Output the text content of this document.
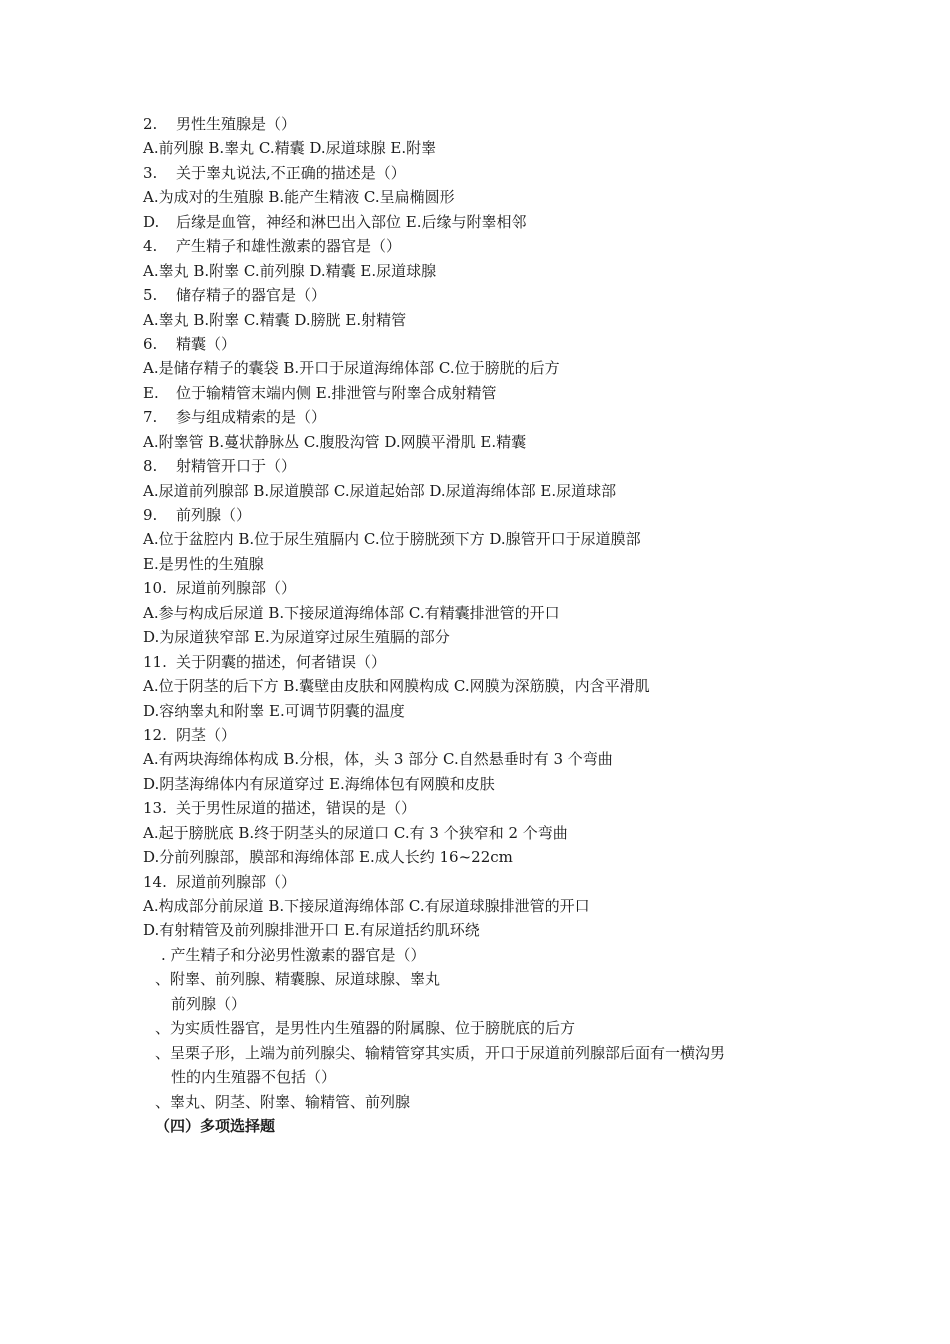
2. 男性生殖腺是（）
A.前列腺 B.睾丸 C.精囊 D.尿道球腺 E.附睾
3. 关于睾丸说法,不正确的描述是（）
A.为成对的生殖腺 B.能产生精液 C.呈扁椭圆形
D. 后缘是血管，神经和淋巴出入部位 E.后缘与附睾相邻
4. 产生精子和雄性激素的器官是（）
A.睾丸 B.附睾 C.前列腺 D.精囊 E.尿道球腺
5. 储存精子的器官是（）
A.睾丸 B.附睾 C.精囊 D.膀胱 E.射精管
6. 精囊（）
A.是储存精子的囊袋 B.开口于尿道海绵体部 C.位于膀胱的后方
E. 位于输精管末端内侧 E.排泄管与附睾合成射精管
7. 参与组成精索的是（）
A.附睾管 B.蔓状静脉丛 C.腹股沟管 D.网膜平滑肌 E.精囊
8. 射精管开口于（）
A.尿道前列腺部 B.尿道膜部 C.尿道起始部 D.尿道海绵体部 E.尿道球部
9. 前列腺（）
A.位于盆腔内 B.位于尿生殖膈内 C.位于膀胱颈下方 D.腺管开口于尿道膜部
E.是男性的生殖腺
10. 尿道前列腺部（）
A.参与构成后尿道 B.下接尿道海绵体部 C.有精囊排泄管的开口
D.为尿道狭窄部 E.为尿道穿过尿生殖膈的部分
11. 关于阴囊的描述，何者错误（）
A.位于阴茎的后下方 B.囊壁由皮肤和网膜构成 C.网膜为深筋膜，内含平滑肌
D.容纳睾丸和附睾 E.可调节阴囊的温度
12. 阴茎（）
A.有两块海绵体构成 B.分根，体，头 3 部分 C.自然悬垂时有 3 个弯曲
D.阴茎海绵体内有尿道穿过 E.海绵体包有网膜和皮肤
13. 关于男性尿道的描述，错误的是（）
A.起于膀胱底 B.终于阴茎头的尿道口 C.有 3 个狭窄和 2 个弯曲
D.分前列腺部，膜部和海绵体部 E.成人长约 16~22cm
14. 尿道前列腺部（）
A.构成部分前尿道 B.下接尿道海绵体部 C.有尿道球腺排泄管的开口
D.有射精管及前列腺排泄开口 E.有尿道括约肌环绕
. 产生精子和分泌男性激素的器官是（）
、附睾、前列腺、精囊腺、尿道球腺、睾丸
前列腺（）
、为实质性器官，是男性内生殖器的附属腺、位于膀胱底的后方
、呈栗子形，上端为前列腺尖、输精管穿其实质，开口于尿道前列腺部后面有一横沟男
性的内生殖器不包括（）
、睾丸、阴茎、附睾、输精管、前列腺
（四）多项选择题
